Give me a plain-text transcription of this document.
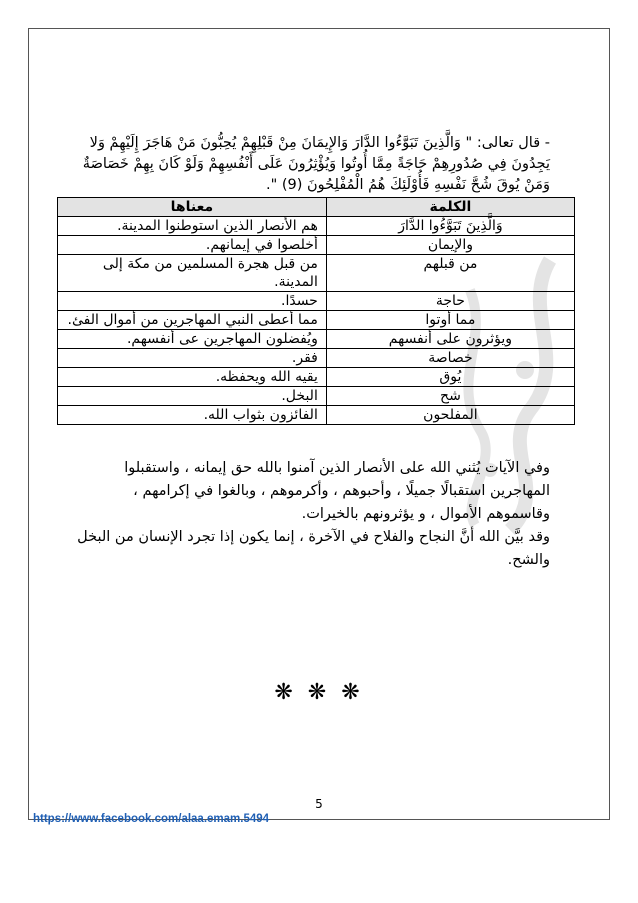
- قال تعالى: " وَالَّذِينَ تَبَوَّءُوا الدَّارَ وَالإِيمَانَ مِنْ قَبْلِهِمْ يُحِبُّونَ مَنْ هَاجَرَ إِلَيْهِمْ وَلا
يَجِدُونَ فِي صُدُورِهِمْ حَاجَةً مِمَّا أُوتُوا وَيُؤْثِرُونَ عَلَى أَنْفُسِهِمْ وَلَوْ كَانَ بِهِمْ خَصَاصَةٌ
وَمَنْ يُوقَ شُحَّ نَفْسِهِ فَأُوْلَئِكَ هُمُ الْمُفْلِحُونَ (9) ".
الكلمة	معناها
وَالَّذِينَ تَبَوَّءُوا الدَّارَ	هم الأنصار الذين استوطنوا المدينة.
والإيمان	أخلصوا في إيمانهم.
من قبلهم	من قبل هجرة المسلمين من مكة إلى المدينة.
حاجة	حسدًا.
مما أوتوا	مما أعطى النبي المهاجرين من أموال الفئ.
ويؤثرون على أنفسهم	ويُفضلون المهاجرين عى أنفسهم.
خصاصة	فقر.
يُوق	يقيه الله ويحفظه.
شح	البخل.
المفلحون	الفائزون بثواب الله.
وفي الآيات يُثني الله على الأنصار الذين آمنوا بالله حق إيمانه ، واستقبلوا
المهاجرين استقبالًا جميلًا ، وأحبوهم ، وأكرموهم ، وبالغوا في إكرامهم ،
وقاسموهم الأموال ، و يؤثرونهم بالخيرات.
وقد بيَّن الله أنَّ النجاح والفلاح في الآخرة ، إنما يكون إذا تجرد الإنسان من البخل
والشح.
❋ ❋ ❋
5
https://www.facebook.com/alaa.emam.5494
